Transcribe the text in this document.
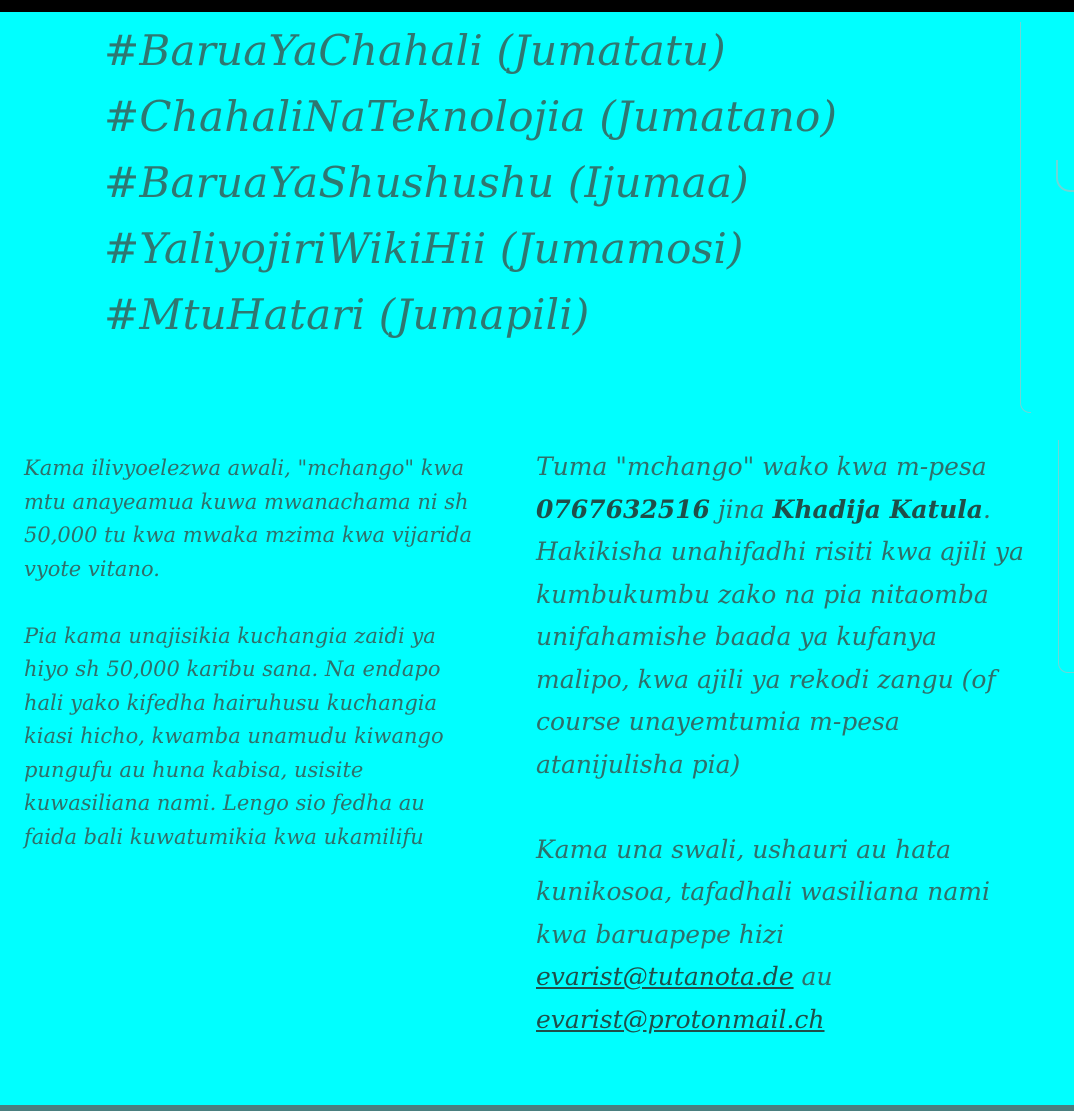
#BaruaYaChahali (Jumatatu)
#ChahaliNaTeknolojia (Jumatano)
#BaruaYaShushushu (Ijumaa)
#YaliyojiriWikiHii (Jumamosi)
#MtuHatari (Jumapili)

Kama ilivyoelezwa awali, "mchango" kwa mtu anayeamua kuwa mwanachama ni sh 50,000 tu kwa mwaka mzima kwa vijarida vyote vitano.

Pia kama unajisikia kuchangia zaidi ya hiyo sh 50,000 karibu sana. Na endapo hali yako kifedha hairuhusu kuchangia kiasi hicho, kwamba unamudu kiwango pungufu au huna kabisa, usisite kuwasiliana nami. Lengo sio fedha au faida bali kuwatumikia kwa ukamilifu

Tuma "mchango" wako kwa m-pesa 0767632516 jina Khadija Katula. Hakikisha unahifadhi risiti kwa ajili ya kumbukumbu zako na pia nitaomba unifahamishe baada ya kufanya malipo, kwa ajili ya rekodi zangu (of course unayemtumia m-pesa atanijulisha pia)

Kama una swali, ushauri au hata kunikosoa, tafadhali wasiliana nami kwa baruapepe hizi evarist@tutanota.de au evarist@protonmail.ch
